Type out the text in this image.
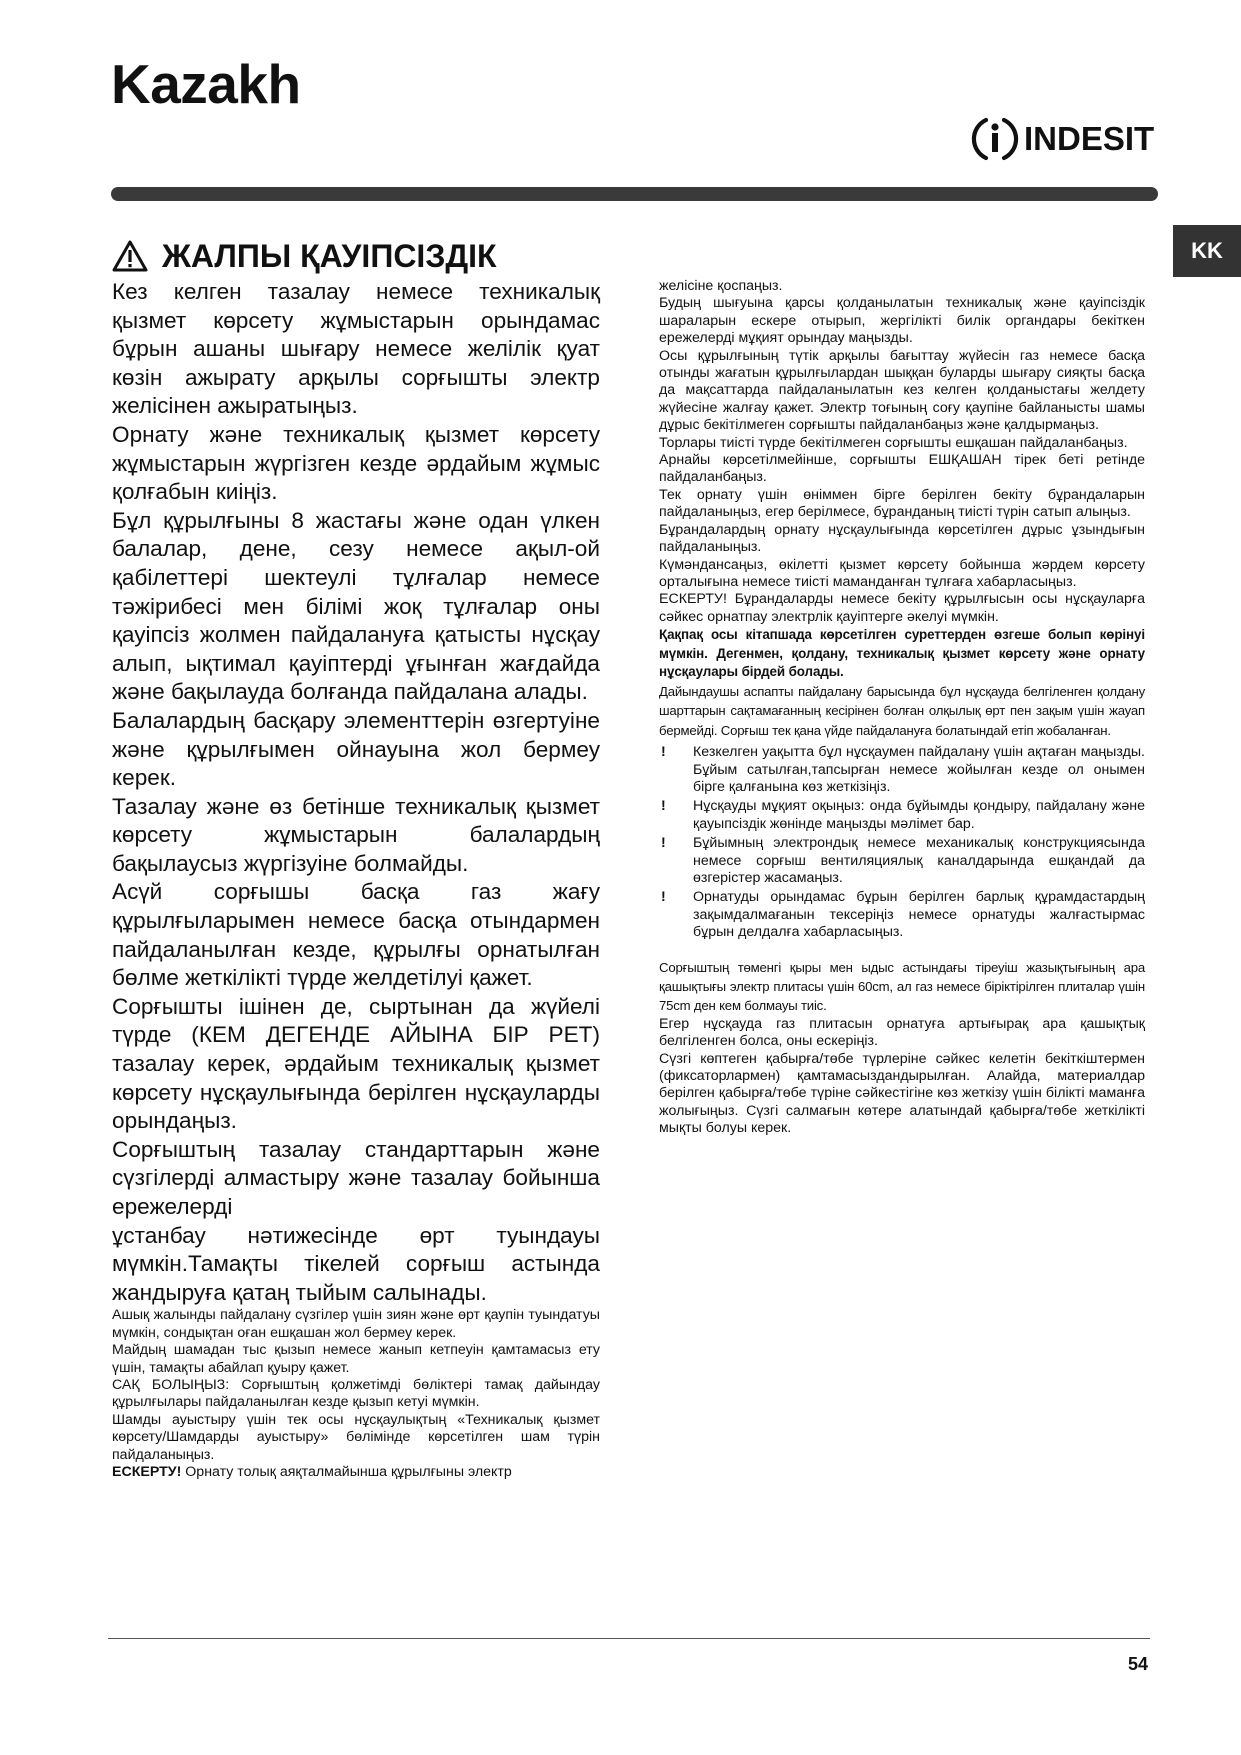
Kazakh
INDESIT
KK
ЖАЛПЫ ҚАУІПСІЗДІК

Кез келген тазалау немесе техникалық қызмет көрсету жұмыстарын орындамас бұрын ашаны шығару немесе желілік қуат көзін ажырату арқылы сорғышты электр желісінен ажыратыңыз.

Орнату және техникалық қызмет көрсету жұмыстарын жүргізген кезде әрдайым жұмыс қолғабын киіңіз.

Бұл құрылғыны 8 жастағы және одан үлкен балалар, дене, сезу немесе ақыл-ой қабілеттері шектеулі тұлғалар немесе тәжірибесі мен білімі жоқ тұлғалар оны қауіпсіз жолмен пайдалануға қатысты нұсқау алып, ықтимал қауіптерді ұғынған жағдайда және бақылауда болғанда пайдалана алады.

Балалардың басқару элементтерін өзгертуіне және құрылғымен ойнауына жол бермеу керек.

Тазалау және өз бетінше техникалық қызмет көрсету жұмыстарын балалардың бақылаусыз жүргізуіне болмайды.

Асүй сорғышы басқа газ жағу құрылғыларымен немесе басқа отындармен пайдаланылған кезде, құрылғы орнатылған бөлме жеткілікті түрде желдетілуі қажет.

Сорғышты ішінен де, сыртынан да жүйелі түрде (КЕМ ДЕГЕНДЕ АЙЫНА БІР РЕТ) тазалау керек, әрдайым техникалық қызмет көрсету нұсқаулығында берілген нұсқауларды орындаңыз.

Сорғыштың тазалау стандарттарын және сүзгілерді алмастыру және тазалау бойынша ережелерді

ұстанбау нәтижесінде өрт туындауы мүмкін.Тамақты тікелей сорғыш астында жандыруға қатаң тыйым салынады.

Ашық жалынды пайдалану сүзгілер үшін зиян және өрт қаупін туындатуы мүмкін, сондықтан оған ешқашан жол бермеу керек.

Майдың шамадан тыс қызып немесе жанып кетпеуін қамтамасыз ету үшін, тамақты абайлап қуыру қажет.

САҚ БОЛЫҢЫЗ: Сорғыштың қолжетімді бөліктері тамақ дайындау құрылғылары пайдаланылған кезде қызып кетуі мүмкін.

Шамды ауыстыру үшін тек осы нұсқаулықтың «Техникалық қызмет көрсету/Шамдарды ауыстыру» бөлімінде көрсетілген шам түрін пайдаланыңыз.

ЕСКЕРТУ! Орнату толық аяқталмайынша құрылғыны электр

желісіне қоспаңыз.

Будың шығуына қарсы қолданылатын техникалық және қауіпсіздік шараларын ескере отырып, жергілікті билік органдары бекіткен ережелерді мұқият орындау маңызды.

Осы құрылғының түтік арқылы бағыттау жүйесін газ немесе басқа отынды жағатын құрылғылардан шыққан буларды шығару сияқты басқа да мақсаттарда пайдаланылатын кез келген қолданыстағы желдету жүйесіне жалғау қажет. Электр тоғының соғу қаупіне байланысты шамы дұрыс бекітілмеген сорғышты пайдаланбаңыз және қалдырмаңыз.

Торлары тиісті түрде бекітілмеген сорғышты ешқашан пайдаланбаңыз.

Арнайы көрсетілмейінше, сорғышты ЕШҚАШАН тірек беті ретінде пайдаланбаңыз.

Тек орнату үшін өніммен бірге берілген бекіту бұрандаларын пайдаланыңыз, егер берілмесе, бұранданың тиісті түрін сатып алыңыз.

Бұрандалардың орнату нұсқаулығында көрсетілген дұрыс ұзындығын пайдаланыңыз.

Күмәндансаңыз, өкілетті қызмет көрсету бойынша жәрдем көрсету орталығына немесе тиісті маманданған тұлғаға хабарласыңыз.

ЕСКЕРТУ! Бұрандаларды немесе бекіту құрылғысын осы нұсқауларға сәйкес орнатпау электрлік қауіптерге әкелуі мүмкін.

Қақпақ осы кітапшада көрсетілген суреттерден өзгеше болып көрінуі мүмкін. Дегенмен, қолдану, техникалық қызмет көрсету және орнату нұсқаулары бірдей болады.

Дайындаушы аспапты пайдалану барысында бұл нұсқауда белгіленген қолдану шарттарын сақтамағанның кесірінен болған олқылық өрт пен зақым үшін жауап бермейді. Сорғыш тек қана үйде пайдалануға болатындай етіп жобаланған.

!	Кезкелген уақытта бұл нұсқаумен пайдалану үшін ақтаған маңызды. Бұйым сатылған,тапсырған немесе жойылған кезде ол онымен бірге қалғанына көз жеткізіңіз.
!	Нұсқауды мұқият оқыңыз: онда бұйымды қондыру, пайдалану және қауыпсіздік жөнінде маңызды мәлімет бар.
!	Бұйымның электрондық немесе механикалық конструкциясында немесе сорғыш вентиляциялық каналдарында ешқандай да өзгерістер жасамаңыз.
!	Орнатуды орындамас бұрын берілген барлық құрамдастардың зақымдалмағанын тексеріңіз немесе орнатуды жалғастырмас бұрын делдалға хабарласыңыз.

Сорғыштың төменгі қыры мен ыдыс астындағы тіреуіш жазықтығының ара қашықтығы электр плитасы үшін 60cm, ал газ немесе біріктірілген плиталар үшін 75cm ден кем болмауы тиіс.

Егер нұсқауда газ плитасын орнатуға артығырақ ара қашықтық белгіленген болса, оны ескеріңіз.

Сүзгі көптеген қабырға/төбе түрлеріне сәйкес келетін бекіткіштермен (фиксаторлармен) қамтамасыздандырылған. Алайда, материалдар берілген қабырға/төбе түріне сәйкестігіне көз жеткізу үшін білікті маманға жолығыңыз. Сүзгі салмағын көтере алатындай қабырға/төбе жеткілікті мықты болуы керек.

54
